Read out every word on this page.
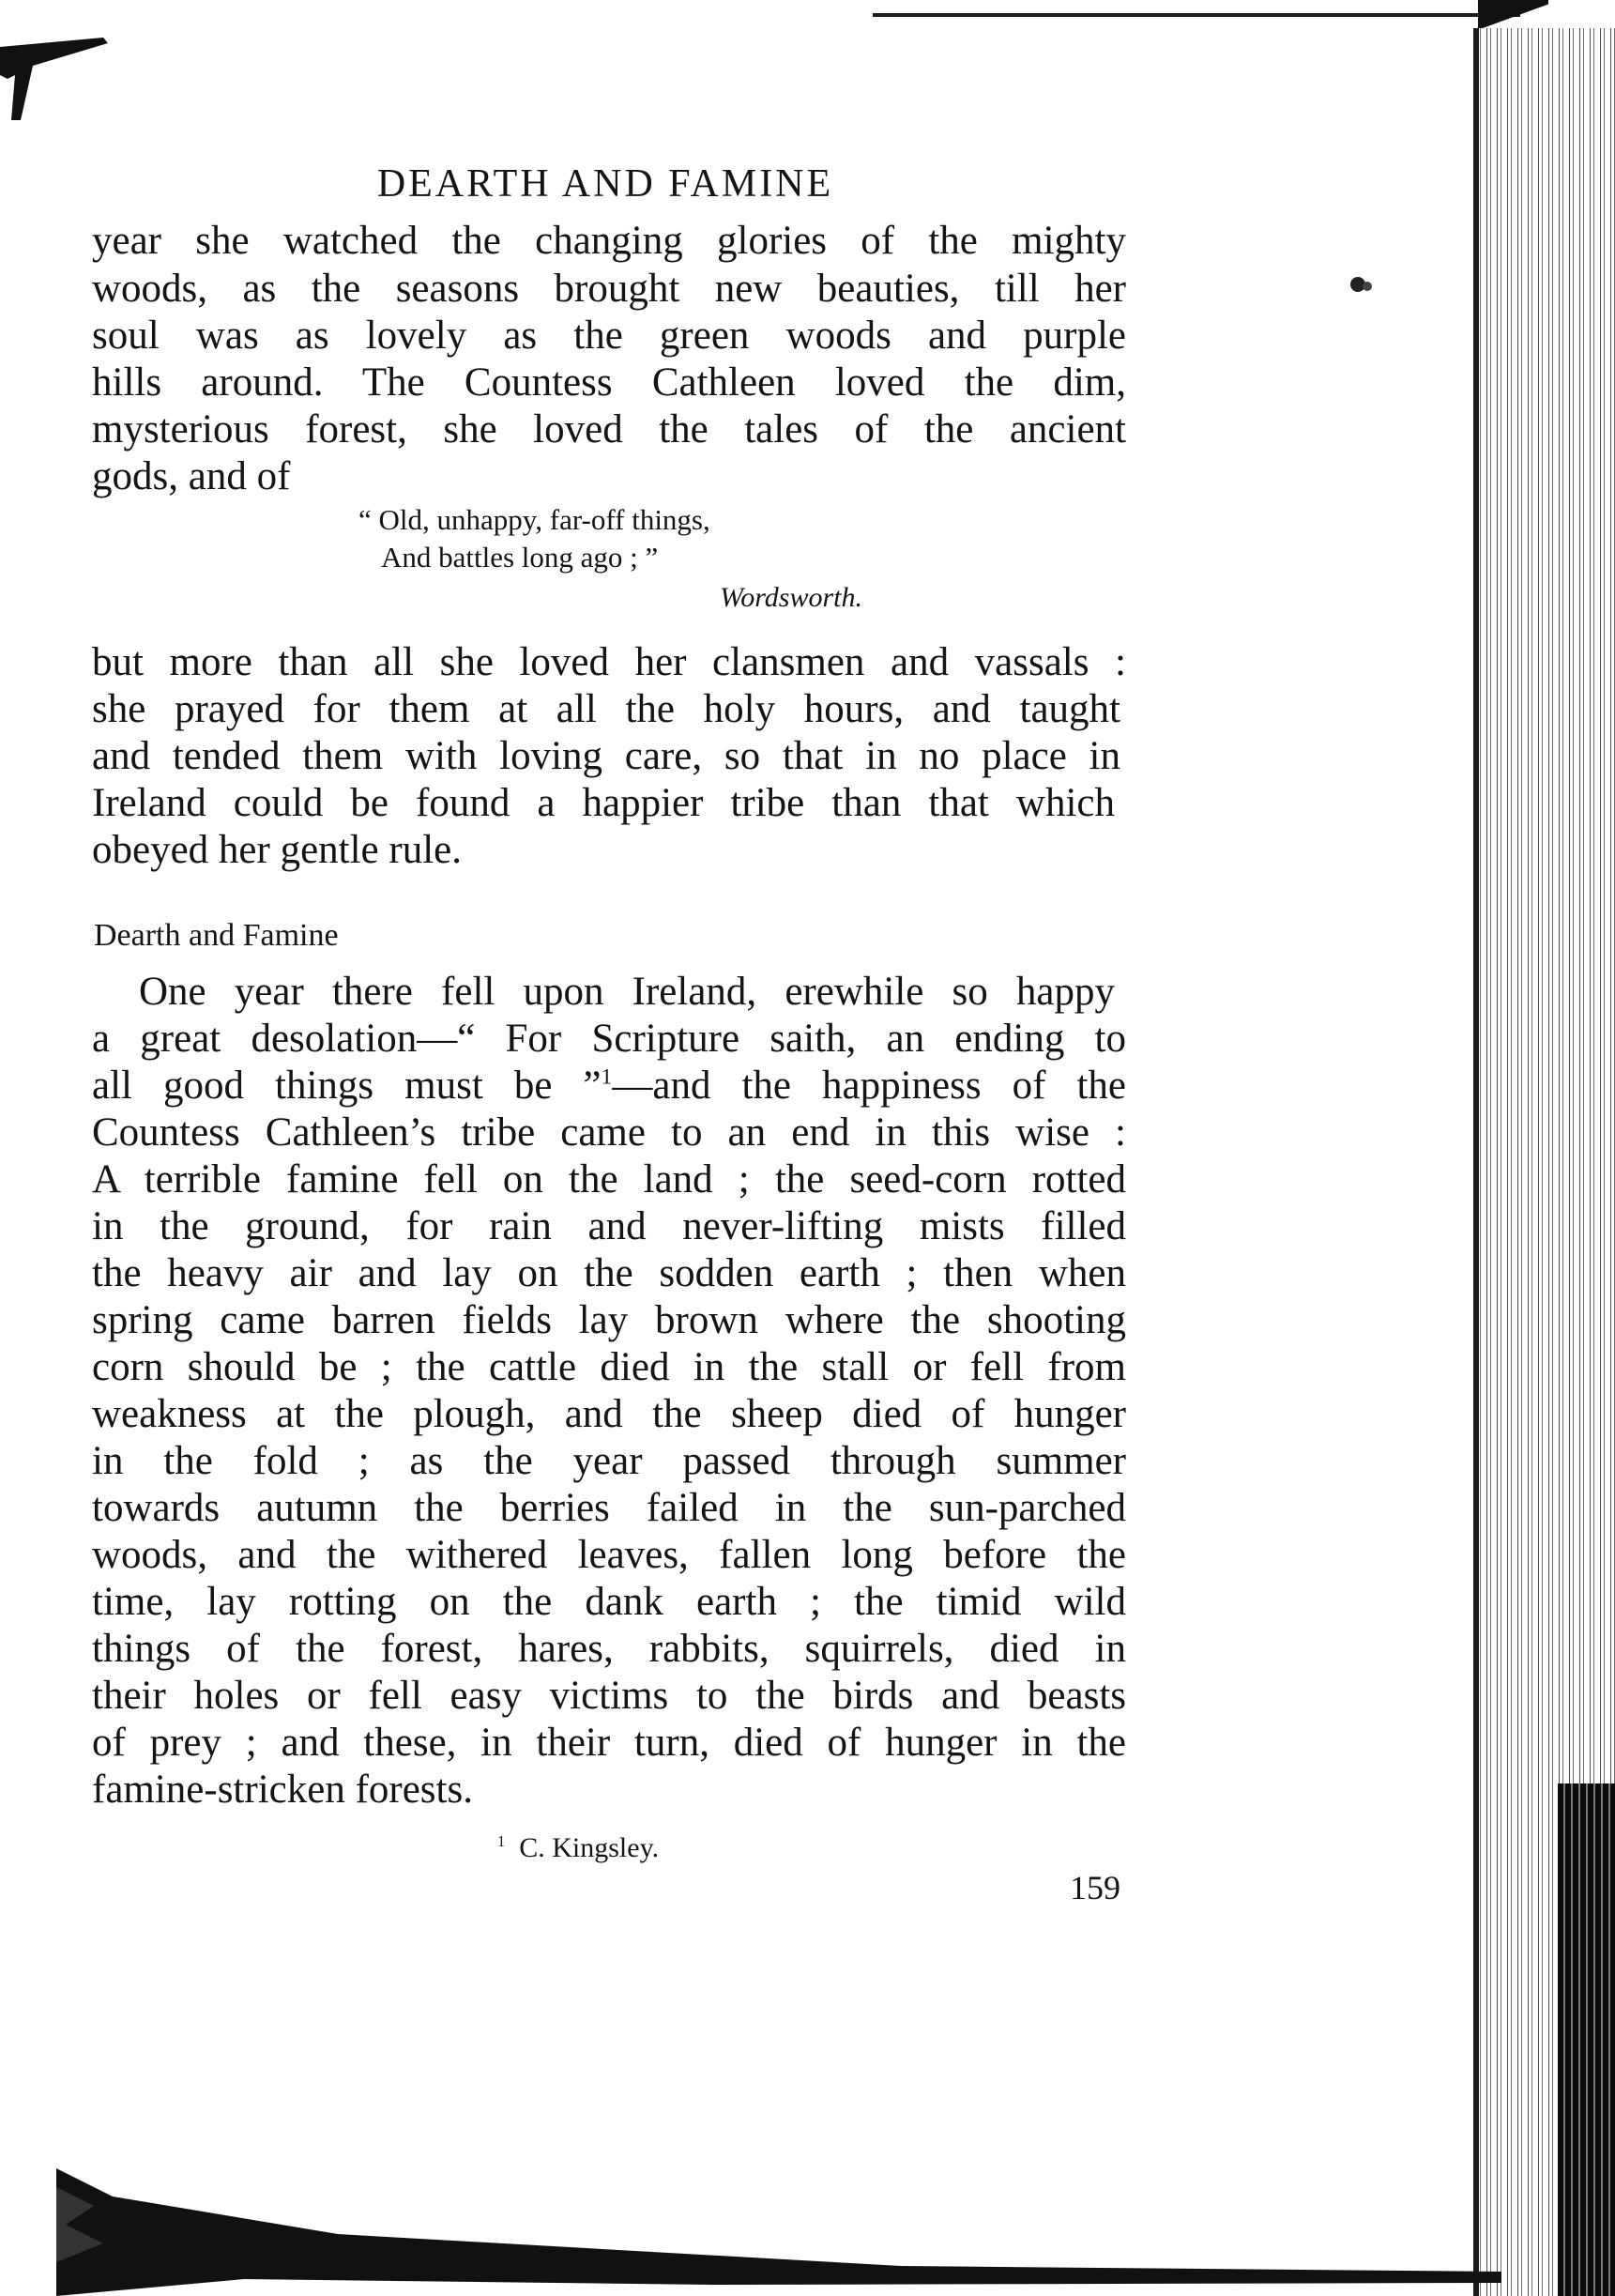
DEARTH AND FAMINE

year she watched the changing glories of the mighty

woods, as the seasons brought new beauties, till her

soul was as lovely as the green woods and purple

hills around. The Countess Cathleen loved the dim,

mysterious forest, she loved the tales of the ancient

gods, and of

“ Old, unhappy, far-off things,

And battles long ago ; ”

Wordsworth.

but more than all she loved her clansmen and vassals :

she prayed for them at all the holy hours, and taught

and tended them with loving care, so that in no place in

Ireland could be found a happier tribe than that which

obeyed her gentle rule.

Dearth and Famine

One year there fell upon Ireland, erewhile so happy

a great desolation—“ For Scripture saith, an ending to

all good things must be ”$^1$—and the happiness of the

Countess Cathleen’s tribe came to an end in this wise :

A terrible famine fell on the land ; the seed-corn rotted

in the ground, for rain and never-lifting mists filled

the heavy air and lay on the sodden earth ; then when

spring came barren fields lay brown where the shooting

corn should be ; the cattle died in the stall or fell from

weakness at the plough, and the sheep died of hunger

in the fold ; as the year passed through summer

towards autumn the berries failed in the sun-parched

woods, and the withered leaves, fallen long before the

time, lay rotting on the dank earth ; the timid wild

things of the forest, hares, rabbits, squirrels, died in

their holes or fell easy victims to the birds and beasts

of prey ; and these, in their turn, died of hunger in the

famine-stricken forests.

$^1$ C. Kingsley.

159
